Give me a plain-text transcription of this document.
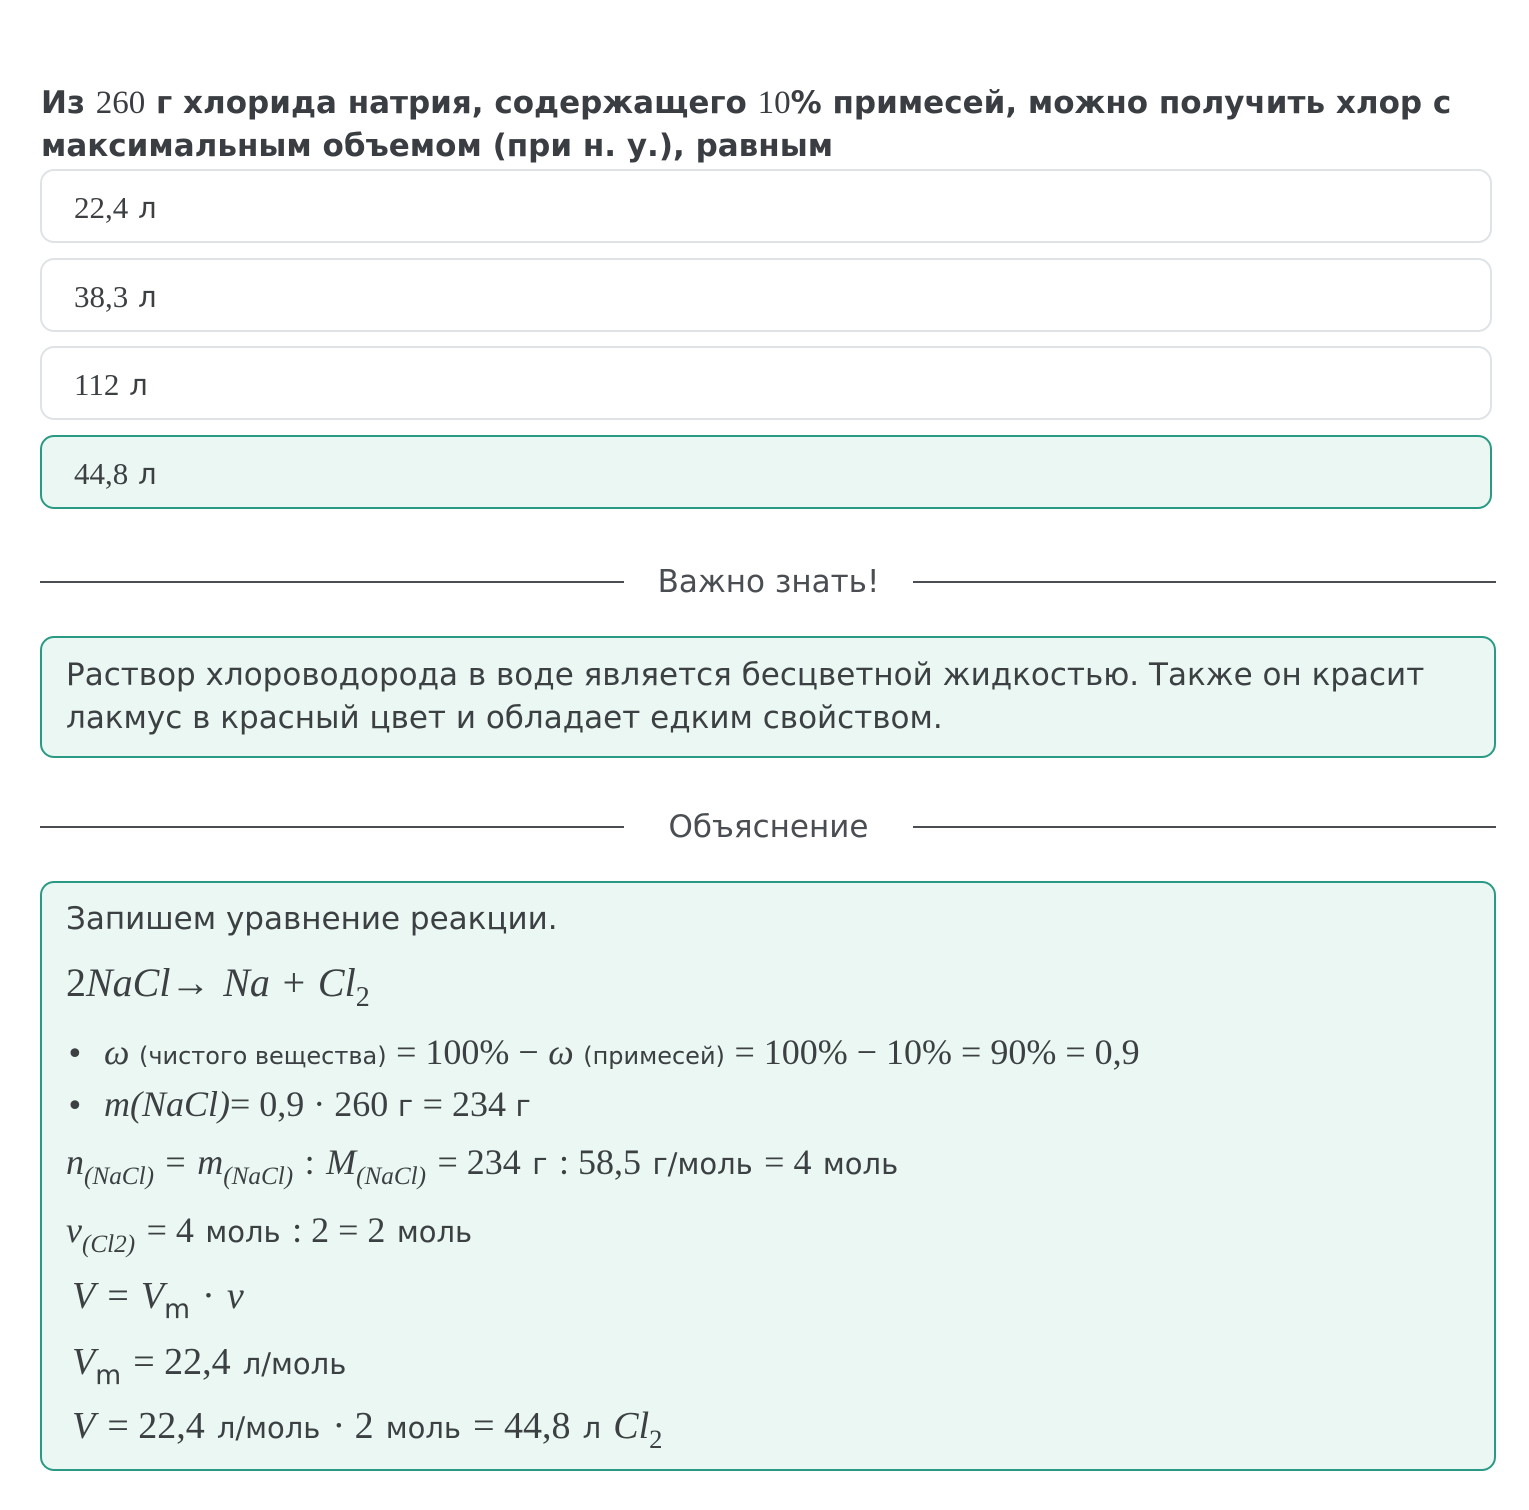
Из 260 г хлорида натрия, содержащего 10% примесей, можно получить хлор с максимальным объемом (при н. у.), равным
22,4 л
38,3 л
112 л
44,8 л
Важно знать!
Раствор хлороводорода в воде является бесцветной жидкостью. Также он красит лакмус в красный цвет и обладает едким свойством.
Объяснение
Запишем уравнение реакции.
2NaCl→ $Na + Cl_2$
• ω (чистого вещества) = 100% − ω (примесей) = 100% − 10% = 90% = 0,9
• m(NaCl)= 0,9 · 260 г = 234 г
$n_{(NaCl)} = m_{(NaCl)}$ : $M_{(NaCl)} = 234$ г : 58,5 г/моль = 4 моль
$v_{(Cl2)} = 4$ моль : 2 = 2 моль
$V = V_m \cdot v$
$V_m = 22,4$ л/моль
V = 22,4 л/моль · 2 моль = 44,8 л $Cl_2$
